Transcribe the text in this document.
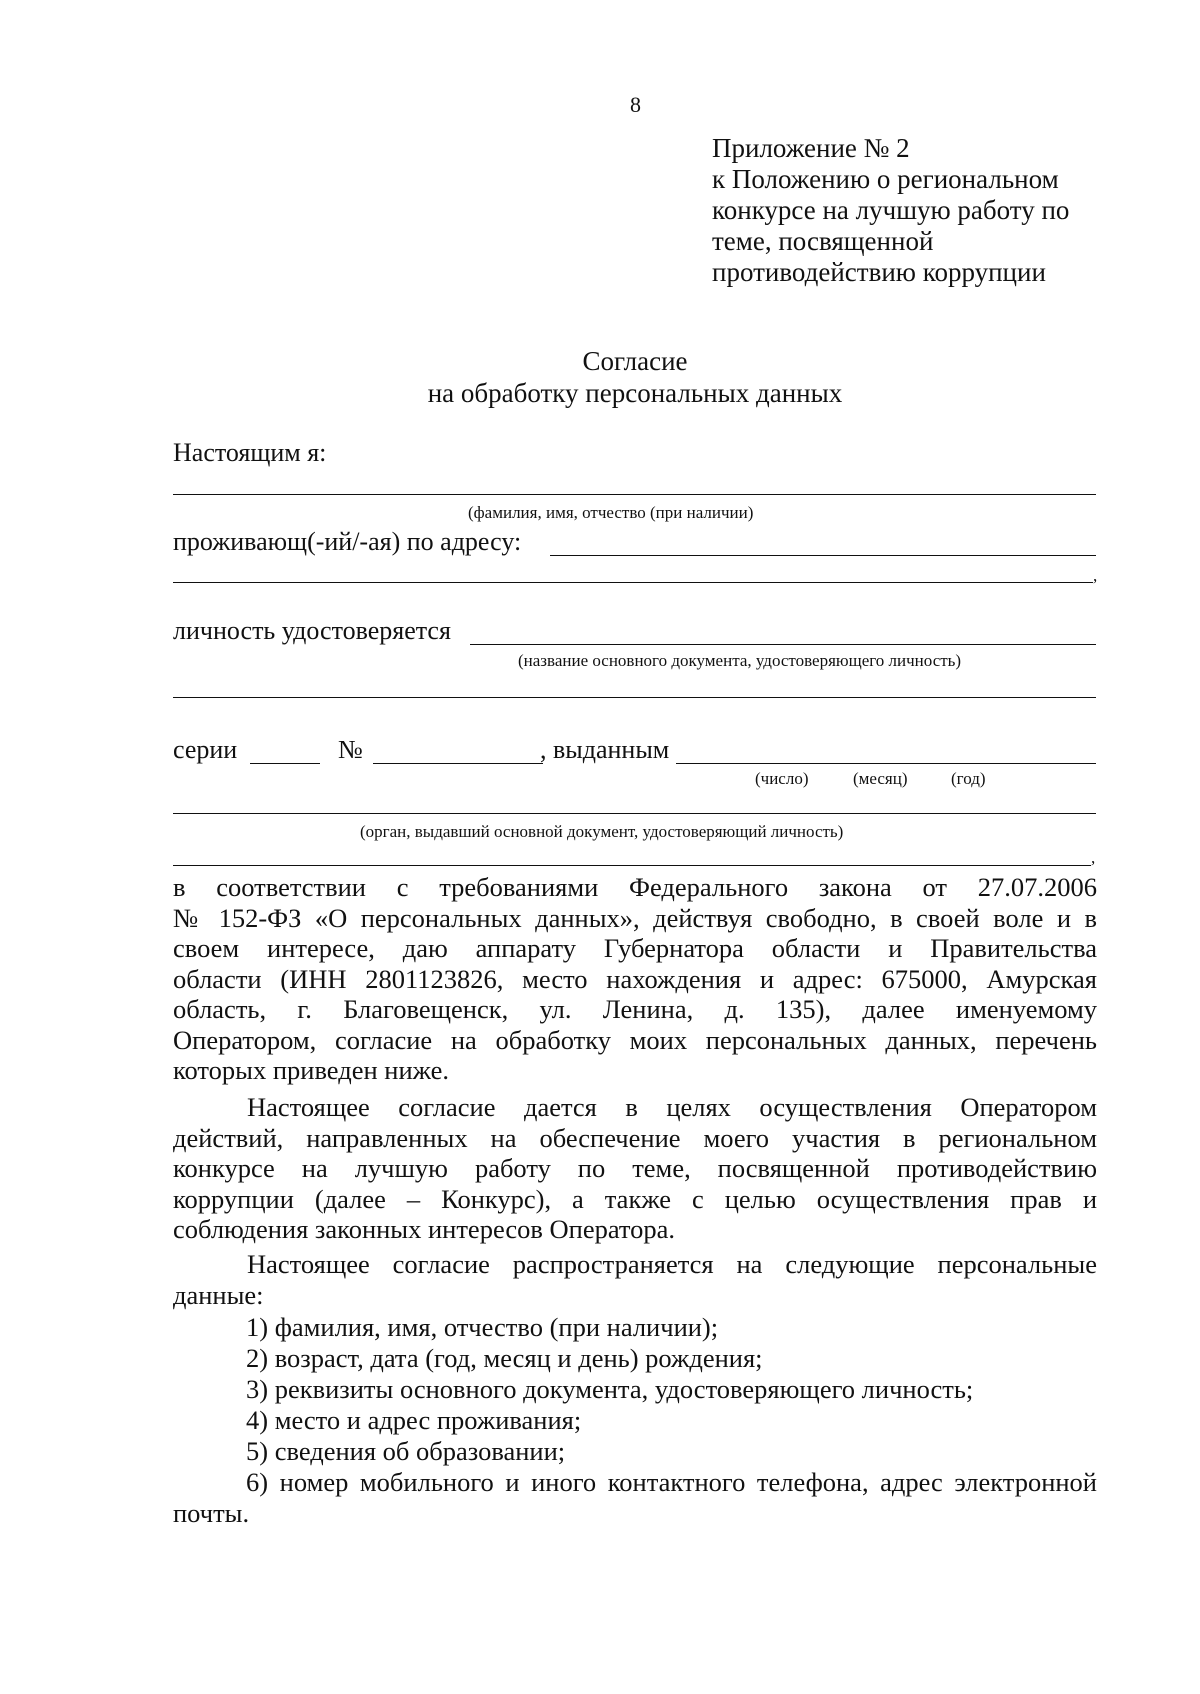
8
Приложение № 2
к Положению о региональном
конкурсе на лучшую работу по
теме, посвященной
противодействию коррупции
Согласие
на обработку персональных данных
Настоящим я:
(фамилия, имя, отчество (при наличии)
проживающ(-ий/-ая) по адресу:
,
личность удостоверяется
(название основного документа, удостоверяющего личность)
серии	№	, выданным
(число)	(месяц)	(год)
(орган, выдавший основной документ, удостоверяющий личность)
,
в соответствии с требованиями Федерального закона от 27.07.2006
№ 152-ФЗ «О персональных данных», действуя свободно, в своей воле и в
своем интересе, даю аппарату Губернатора области и Правительства
области (ИНН 2801123826, место нахождения и адрес: 675000, Амурская
область, г. Благовещенск, ул. Ленина, д. 135), далее именуемому
Оператором, согласие на обработку моих персональных данных, перечень
которых приведен ниже.
Настоящее согласие дается в целях осуществления Оператором
действий, направленных на обеспечение моего участия в региональном
конкурсе на лучшую работу по теме, посвященной противодействию
коррупции (далее – Конкурс), а также с целью осуществления прав и
соблюдения законных интересов Оператора.
Настоящее согласие распространяется на следующие персональные
данные:
1) фамилия, имя, отчество (при наличии);
2) возраст, дата (год, месяц и день) рождения;
3) реквизиты основного документа, удостоверяющего личность;
4) место и адрес проживания;
5) сведения об образовании;
6) номер мобильного и иного контактного телефона, адрес электронной
почты.
